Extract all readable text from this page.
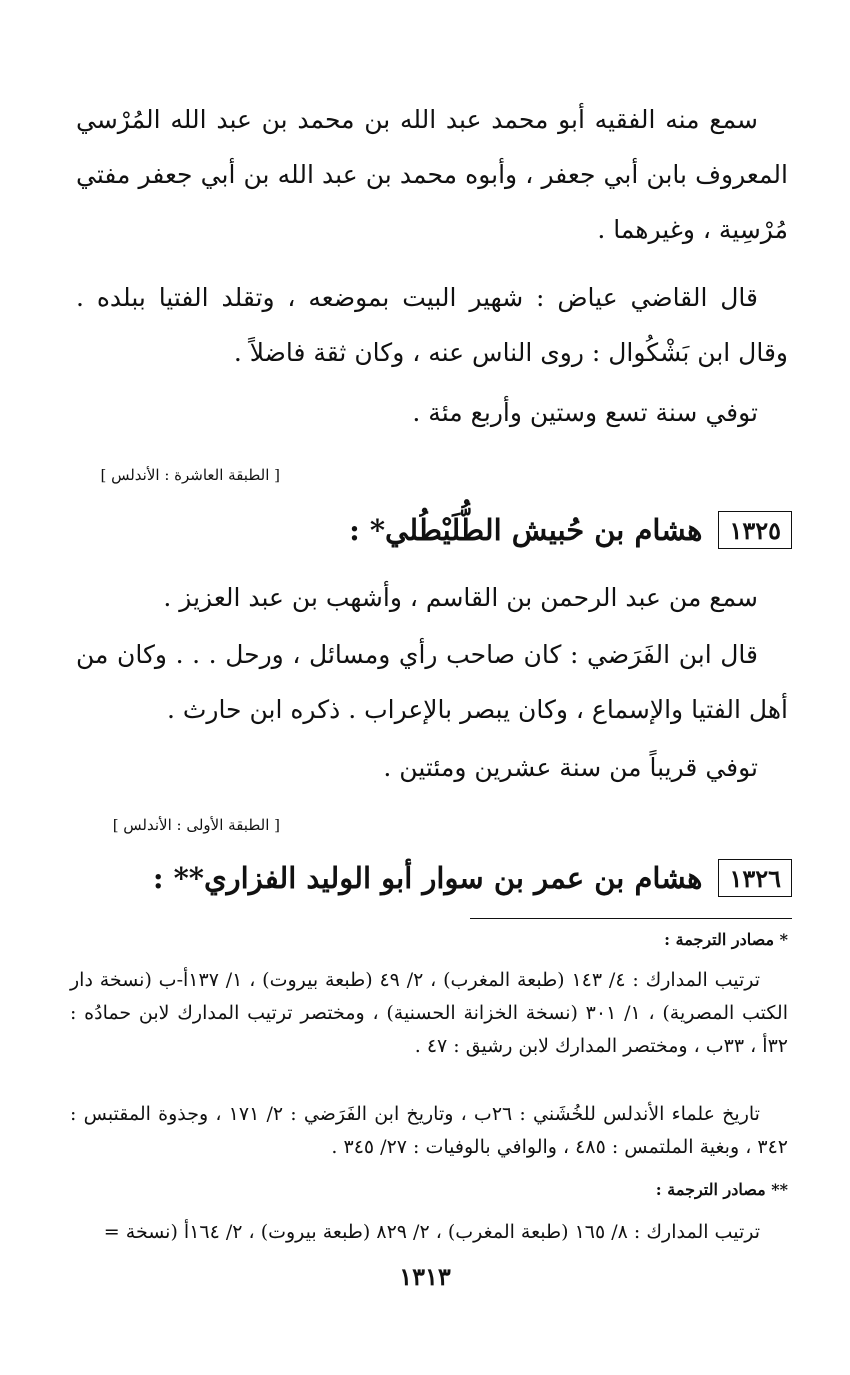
سمع منه الفقيه أبو محمد عبد الله بن محمد بن عبد الله المُرْسي المعروف بابن أبي جعفر ، وأبوه محمد بن عبد الله بن أبي جعفر مفتي مُرْسِية ، وغيرهما .

قال القاضي عياض : شهير البيت بموضعه ، وتقلد الفتيا ببلده . وقال ابن بَشْكُوال : روى الناس عنه ، وكان ثقة فاضلاً .

توفي سنة تسع وستين وأربع مئة .

[ الطبقة العاشرة : الأندلس ]
١٣٢٥
هشام بن حُبيش الطُّلَيْطُلي* :

سمع من عبد الرحمن بن القاسم ، وأشهب بن عبد العزيز .

قال ابن الفَرَضي : كان صاحب رأي ومسائل ، ورحل . . . وكان من أهل الفتيا والإسماع ، وكان يبصر بالإعراب . ذكره ابن حارث .

توفي قريباً من سنة عشرين ومئتين .

[ الطبقة الأولى : الأندلس ]
١٣٢٦
هشام بن عمر بن سوار أبو الوليد الفزاري** :
* مصادر الترجمة :

ترتيب المدارك : ٤/ ١٤٣ (طبعة المغرب) ، ٢/ ٤٩ (طبعة بيروت) ، ١/ ١٣٧أ-ب (نسخة دار الكتب المصرية) ، ١/ ٣٠١ (نسخة الخزانة الحسنية) ، ومختصر ترتيب المدارك لابن حمادُه : ٣٢أ ، ٣٣ب ، ومختصر المدارك لابن رشيق : ٤٧ .

تاريخ علماء الأندلس للخُشَني : ٢٦ب ، وتاريخ ابن الفَرَضي : ٢/ ١٧١ ، وجذوة المقتبس : ٣٤٢ ، وبغية الملتمس : ٤٨٥ ، والوافي بالوفيات : ٢٧/ ٣٤٥ .

** مصادر الترجمة :

ترتيب المدارك : ٨/ ١٦٥ (طبعة المغرب) ، ٢/ ٨٢٩ (طبعة بيروت) ، ٢/ ١٦٤أ (نسخة =

١٣١٣
